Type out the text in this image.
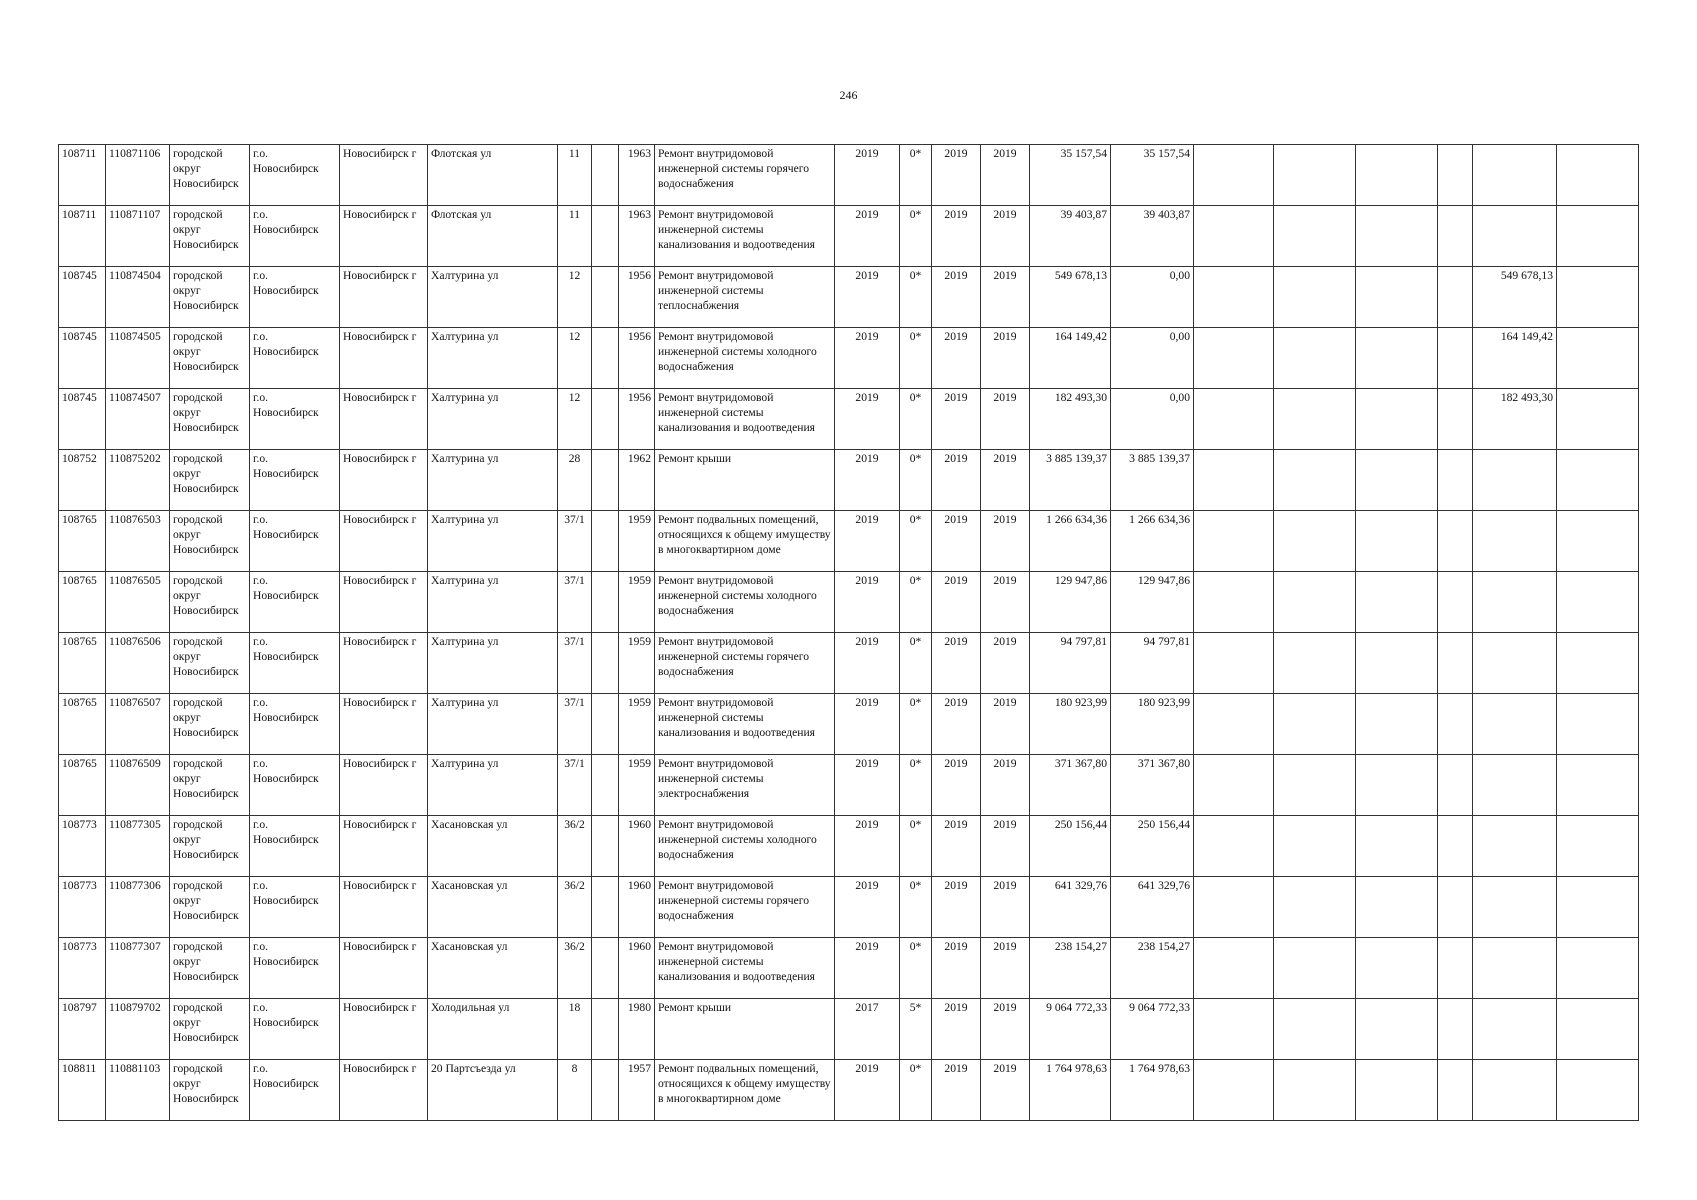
246
108711	110871106	городской округ Новосибирск	г.о. Новосибирск	Новосибирск г	Флотская ул	11		1963	Ремонт внутридомовой инженерной системы горячего водоснабжения	2019	0*	2019	2019	35 157,54	35 157,54						
108711	110871107	городской округ Новосибирск	г.о. Новосибирск	Новосибирск г	Флотская ул	11		1963	Ремонт внутридомовой инженерной системы канализования и водоотведения	2019	0*	2019	2019	39 403,87	39 403,87						
108745	110874504	городской округ Новосибирск	г.о. Новосибирск	Новосибирск г	Халтурина ул	12		1956	Ремонт внутридомовой инженерной системы теплоснабжения	2019	0*	2019	2019	549 678,13	0,00					549 678,13	
108745	110874505	городской округ Новосибирск	г.о. Новосибирск	Новосибирск г	Халтурина ул	12		1956	Ремонт внутридомовой инженерной системы холодного водоснабжения	2019	0*	2019	2019	164 149,42	0,00					164 149,42	
108745	110874507	городской округ Новосибирск	г.о. Новосибирск	Новосибирск г	Халтурина ул	12		1956	Ремонт внутридомовой инженерной системы канализования и водоотведения	2019	0*	2019	2019	182 493,30	0,00					182 493,30	
108752	110875202	городской округ Новосибирск	г.о. Новосибирск	Новосибирск г	Халтурина ул	28		1962	Ремонт крыши	2019	0*	2019	2019	3 885 139,37	3 885 139,37						
108765	110876503	городской округ Новосибирск	г.о. Новосибирск	Новосибирск г	Халтурина ул	37/1		1959	Ремонт подвальных помещений, относящихся к общему имуществу в многоквартирном доме	2019	0*	2019	2019	1 266 634,36	1 266 634,36						
108765	110876505	городской округ Новосибирск	г.о. Новосибирск	Новосибирск г	Халтурина ул	37/1		1959	Ремонт внутридомовой инженерной системы холодного водоснабжения	2019	0*	2019	2019	129 947,86	129 947,86						
108765	110876506	городской округ Новосибирск	г.о. Новосибирск	Новосибирск г	Халтурина ул	37/1		1959	Ремонт внутридомовой инженерной системы горячего водоснабжения	2019	0*	2019	2019	94 797,81	94 797,81						
108765	110876507	городской округ Новосибирск	г.о. Новосибирск	Новосибирск г	Халтурина ул	37/1		1959	Ремонт внутридомовой инженерной системы канализования и водоотведения	2019	0*	2019	2019	180 923,99	180 923,99						
108765	110876509	городской округ Новосибирск	г.о. Новосибирск	Новосибирск г	Халтурина ул	37/1		1959	Ремонт внутридомовой инженерной системы электроснабжения	2019	0*	2019	2019	371 367,80	371 367,80						
108773	110877305	городской округ Новосибирск	г.о. Новосибирск	Новосибирск г	Хасановская ул	36/2		1960	Ремонт внутридомовой инженерной системы холодного водоснабжения	2019	0*	2019	2019	250 156,44	250 156,44						
108773	110877306	городской округ Новосибирск	г.о. Новосибирск	Новосибирск г	Хасановская ул	36/2		1960	Ремонт внутридомовой инженерной системы горячего водоснабжения	2019	0*	2019	2019	641 329,76	641 329,76						
108773	110877307	городской округ Новосибирск	г.о. Новосибирск	Новосибирск г	Хасановская ул	36/2		1960	Ремонт внутридомовой инженерной системы канализования и водоотведения	2019	0*	2019	2019	238 154,27	238 154,27						
108797	110879702	городской округ Новосибирск	г.о. Новосибирск	Новосибирск г	Холодильная ул	18		1980	Ремонт крыши	2017	5*	2019	2019	9 064 772,33	9 064 772,33						
108811	110881103	городской округ Новосибирск	г.о. Новосибирск	Новосибирск г	20 Партсъезда ул	8		1957	Ремонт подвальных помещений, относящихся к общему имуществу в многоквартирном доме	2019	0*	2019	2019	1 764 978,63	1 764 978,63						
